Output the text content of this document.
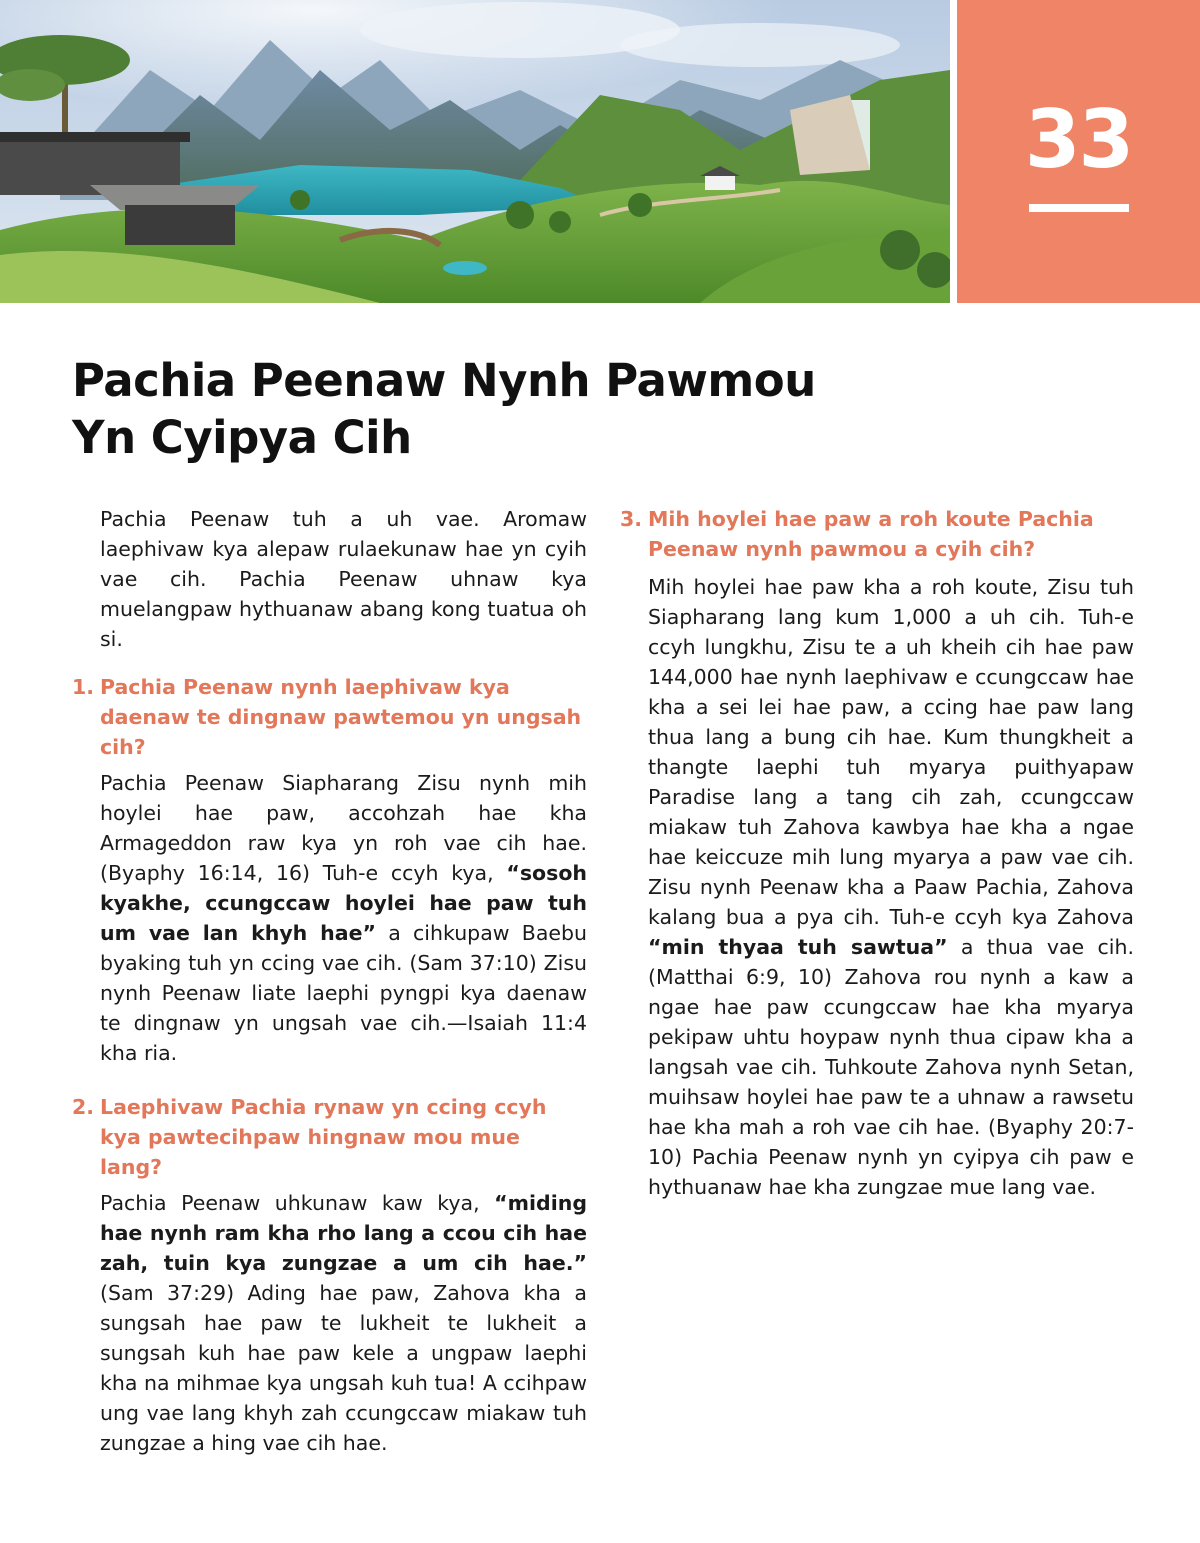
33
Pachia Peenaw Nynh Pawmou
Yn Cyipya Cih

Pachia Peenaw tuh a uh vae. Aromaw laephivaw kya alepaw rulaekunaw hae yn cyih vae cih. Pachia Peenaw uhnaw kya muelangpaw hythuanaw abang kong tuatua oh si.

1. Pachia Peenaw nynh laephivaw kya daenaw te dingnaw pawtemou yn ungsah cih?

Pachia Peenaw Siapharang Zisu nynh mih hoylei hae paw, accohzah hae kha Armageddon raw kya yn roh vae cih hae. (Byaphy 16:14, 16) Tuh-e ccyh kya, “sosoh kyakhe, ccungccaw hoylei hae paw tuh um vae lan khyh hae” a cihkupaw Baebu byaking tuh yn ccing vae cih. (Sam 37:10) Zisu nynh Peenaw liate laephi pyngpi kya daenaw te dingnaw yn ungsah vae cih.—Isaiah 11:4 kha ria.

2. Laephivaw Pachia rynaw yn ccing ccyh kya pawtecihpaw hingnaw mou mue lang?

Pachia Peenaw uhkunaw kaw kya, “miding hae nynh ram kha rho lang a ccou cih hae zah, tuin kya zungzae a um cih hae.” (Sam 37:29) Ading hae paw, Zahova kha a sungsah hae paw te lukheit te lukheit a sungsah kuh hae paw kele a ungpaw laephi kha na mihmae kya ungsah kuh tua! A ccihpaw ung vae lang khyh zah ccungccaw miakaw tuh zungzae a hing vae cih hae.

3. Mih hoylei hae paw a roh koute Pachia Peenaw nynh pawmou a cyih cih?

Mih hoylei hae paw kha a roh koute, Zisu tuh Siapharang lang kum 1,000 a uh cih. Tuh-e ccyh lungkhu, Zisu te a uh kheih cih hae paw 144,000 hae nynh laephivaw e ccungccaw hae kha a sei lei hae paw, a ccing hae paw lang thua lang a bung cih hae. Kum thungkheit a thangte laephi tuh myarya puithyapaw Paradise lang a tang cih zah, ccungccaw miakaw tuh Zahova kawbya hae kha a ngae hae keiccuze mih lung myarya a paw vae cih. Zisu nynh Peenaw kha a Paaw Pachia, Zahova kalang bua a pya cih. Tuh-e ccyh kya Zahova “min thyaa tuh sawtua” a thua vae cih. (Matthai 6:9, 10) Zahova rou nynh a kaw a ngae hae paw ccungccaw hae kha myarya pekipaw uhtu hoypaw nynh thua cipaw kha a langsah vae cih. Tuhkoute Zahova nynh Setan, muihsaw hoylei hae paw te a uhnaw a rawsetu hae kha mah a roh vae cih hae. (Byaphy 20:7-10) Pachia Peenaw nynh yn cyipya cih paw e hythuanaw hae kha zungzae mue lang vae.
